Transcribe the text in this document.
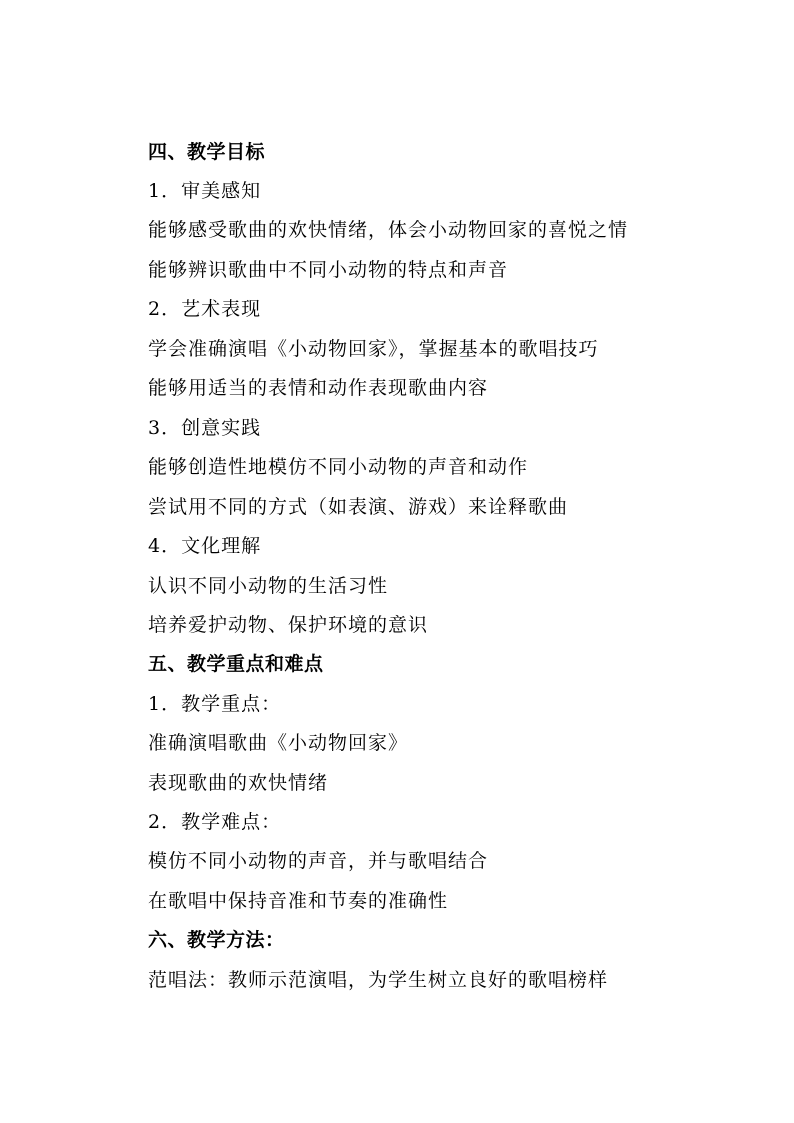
四、教学目标
1．审美感知
能够感受歌曲的欢快情绪，体会小动物回家的喜悦之情
能够辨识歌曲中不同小动物的特点和声音
2．艺术表现
学会准确演唱《小动物回家》，掌握基本的歌唱技巧
能够用适当的表情和动作表现歌曲内容
3．创意实践
能够创造性地模仿不同小动物的声音和动作
尝试用不同的方式（如表演、游戏）来诠释歌曲
4．文化理解
认识不同小动物的生活习性
培养爱护动物、保护环境的意识
五、教学重点和难点
1．教学重点：
准确演唱歌曲《小动物回家》
表现歌曲的欢快情绪
2．教学难点：
模仿不同小动物的声音，并与歌唱结合
在歌唱中保持音准和节奏的准确性
六、教学方法：
范唱法：教师示范演唱，为学生树立良好的歌唱榜样
